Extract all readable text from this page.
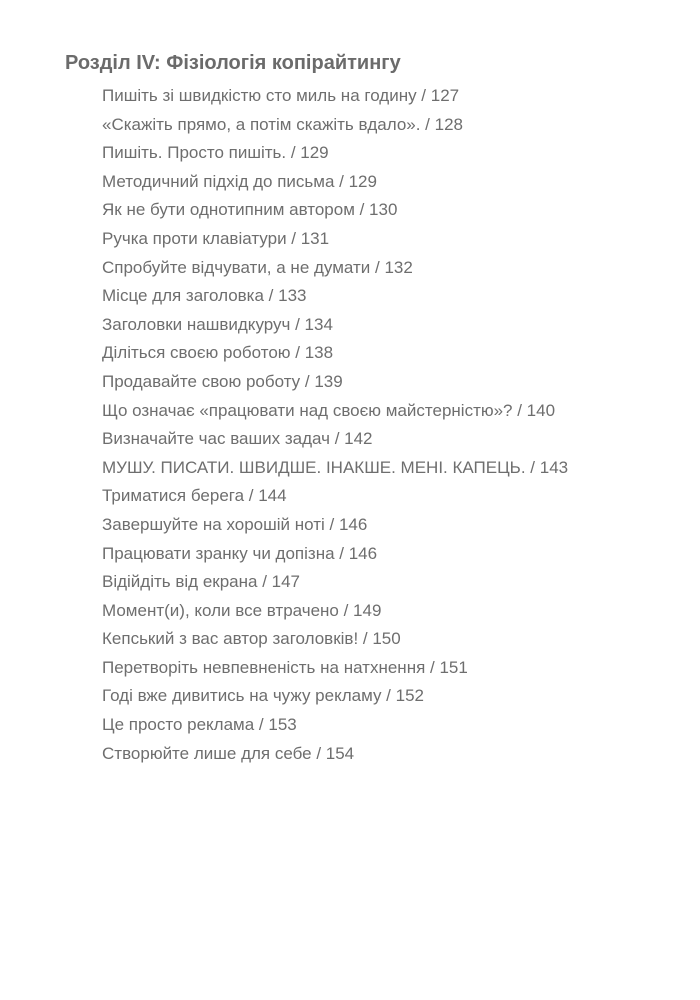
Розділ IV: Фізіологія копірайтингу
Пишіть зі швидкістю сто миль на годину / 127
«Скажіть прямо, а потім скажіть вдало». / 128
Пишіть. Просто пишіть. / 129
Методичний підхід до письма / 129
Як не бути однотипним автором / 130
Ручка проти клавіатури / 131
Спробуйте відчувати, а не думати / 132
Місце для заголовка / 133
Заголовки нашвидкуруч / 134
Діліться своєю роботою / 138
Продавайте свою роботу / 139
Що означає «працювати над своєю майстерністю»? / 140
Визначайте час ваших задач / 142
МУШУ. ПИСАТИ. ШВИДШЕ. ІНАКШЕ. МЕНІ. КАПЕЦЬ. / 143
Триматися берега / 144
Завершуйте на хорошій ноті / 146
Працювати зранку чи допізна / 146
Відійдіть від екрана / 147
Момент(и), коли все втрачено / 149
Кепський з вас автор заголовків! / 150
Перетворіть невпевненість на натхнення / 151
Годі вже дивитись на чужу рекламу / 152
Це просто реклама / 153
Створюйте лише для себе / 154
